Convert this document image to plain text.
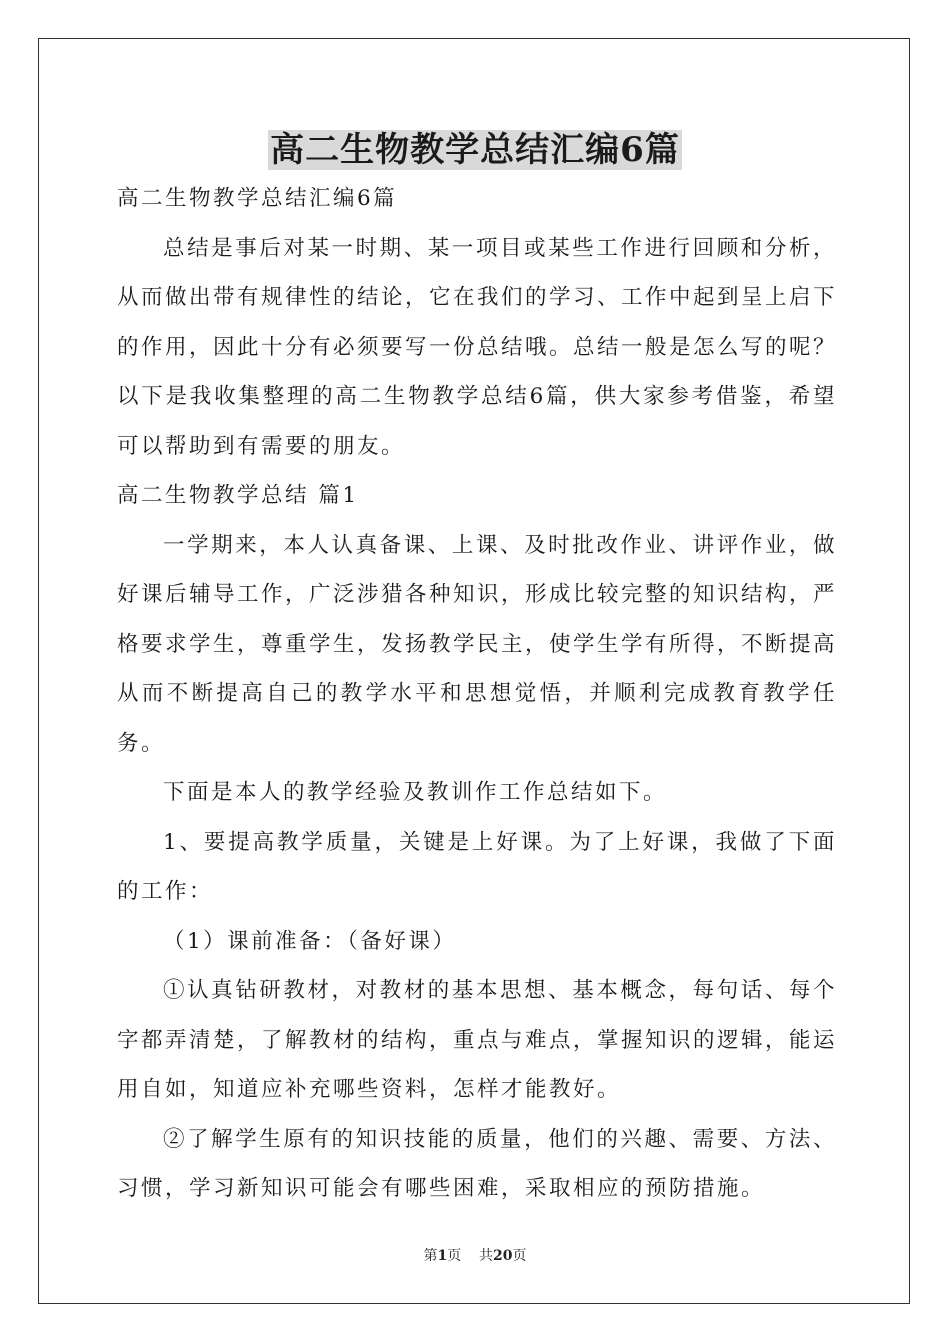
高二生物教学总结汇编6篇

高二生物教学总结汇编6篇

总结是事后对某一时期、某一项目或某些工作进行回顾和分析，从而做出带有规律性的结论，它在我们的学习、工作中起到呈上启下的作用，因此十分有必须要写一份总结哦。总结一般是怎么写的呢？以下是我收集整理的高二生物教学总结6篇，供大家参考借鉴，希望可以帮助到有需要的朋友。

高二生物教学总结 篇1

一学期来，本人认真备课、上课、及时批改作业、讲评作业，做好课后辅导工作，广泛涉猎各种知识，形成比较完整的知识结构，严格要求学生，尊重学生，发扬教学民主，使学生学有所得，不断提高从而不断提高自己的教学水平和思想觉悟，并顺利完成教育教学任务。

下面是本人的教学经验及教训作工作总结如下。

1、要提高教学质量，关键是上好课。为了上好课，我做了下面的工作：

（1）课前准备：（备好课）

①认真钻研教材，对教材的基本思想、基本概念，每句话、每个字都弄清楚，了解教材的结构，重点与难点，掌握知识的逻辑，能运用自如，知道应补充哪些资料，怎样才能教好。

②了解学生原有的知识技能的质量，他们的兴趣、需要、方法、习惯，学习新知识可能会有哪些困难，采取相应的预防措施。

第1页 共20页
